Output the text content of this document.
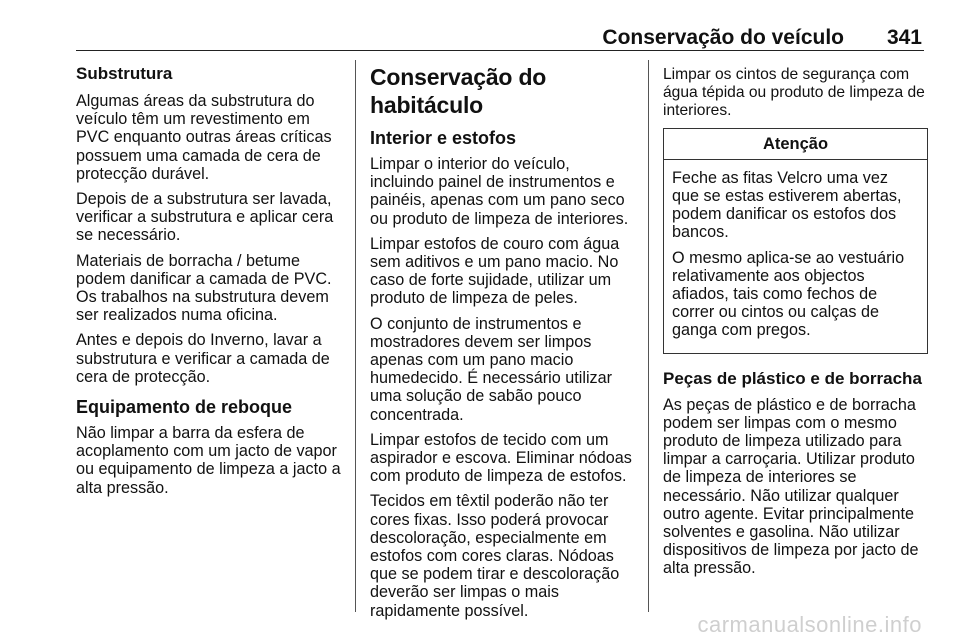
Conservação do veículo 341
Substrutura

Algumas áreas da substrutura do veículo têm um revestimento em PVC enquanto outras áreas críticas possuem uma camada de cera de protecção durável.

Depois de a substrutura ser lavada, verificar a substrutura e aplicar cera se necessário.

Materiais de borracha / betume podem danificar a camada de PVC. Os trabalhos na substrutura devem ser realizados numa oficina.

Antes e depois do Inverno, lavar a substrutura e verificar a camada de cera de protecção.

Equipamento de reboque

Não limpar a barra da esfera de acoplamento com um jacto de vapor ou equipamento de limpeza a jacto a alta pressão.

Conservação do habitáculo
Interior e estofos

Limpar o interior do veículo, incluindo painel de instrumentos e painéis, apenas com um pano seco ou produto de limpeza de interiores.

Limpar estofos de couro com água sem aditivos e um pano macio. No caso de forte sujidade, utilizar um produto de limpeza de peles.

O conjunto de instrumentos e mostradores devem ser limpos apenas com um pano macio humedecido. É necessário utilizar uma solução de sabão pouco concentrada.

Limpar estofos de tecido com um aspirador e escova. Eliminar nódoas com produto de limpeza de estofos.

Tecidos em têxtil poderão não ter cores fixas. Isso poderá provocar descoloração, especialmente em estofos com cores claras. Nódoas que se podem tirar e descoloração deverão ser limpas o mais rapidamente possível.

Limpar os cintos de segurança com água tépida ou produto de limpeza de interiores.

Atenção

Feche as fitas Velcro uma vez que se estas estiverem abertas, podem danificar os estofos dos bancos.

O mesmo aplica-se ao vestuário relativamente aos objectos afiados, tais como fechos de correr ou cintos ou calças de ganga com pregos.

Peças de plástico e de borracha

As peças de plástico e de borracha podem ser limpas com o mesmo produto de limpeza utilizado para limpar a carroçaria. Utilizar produto de limpeza de interiores se necessário. Não utilizar qualquer outro agente. Evitar principalmente solventes e gasolina. Não utilizar dispositivos de limpeza por jacto de alta pressão.

carmanualsonline.info
